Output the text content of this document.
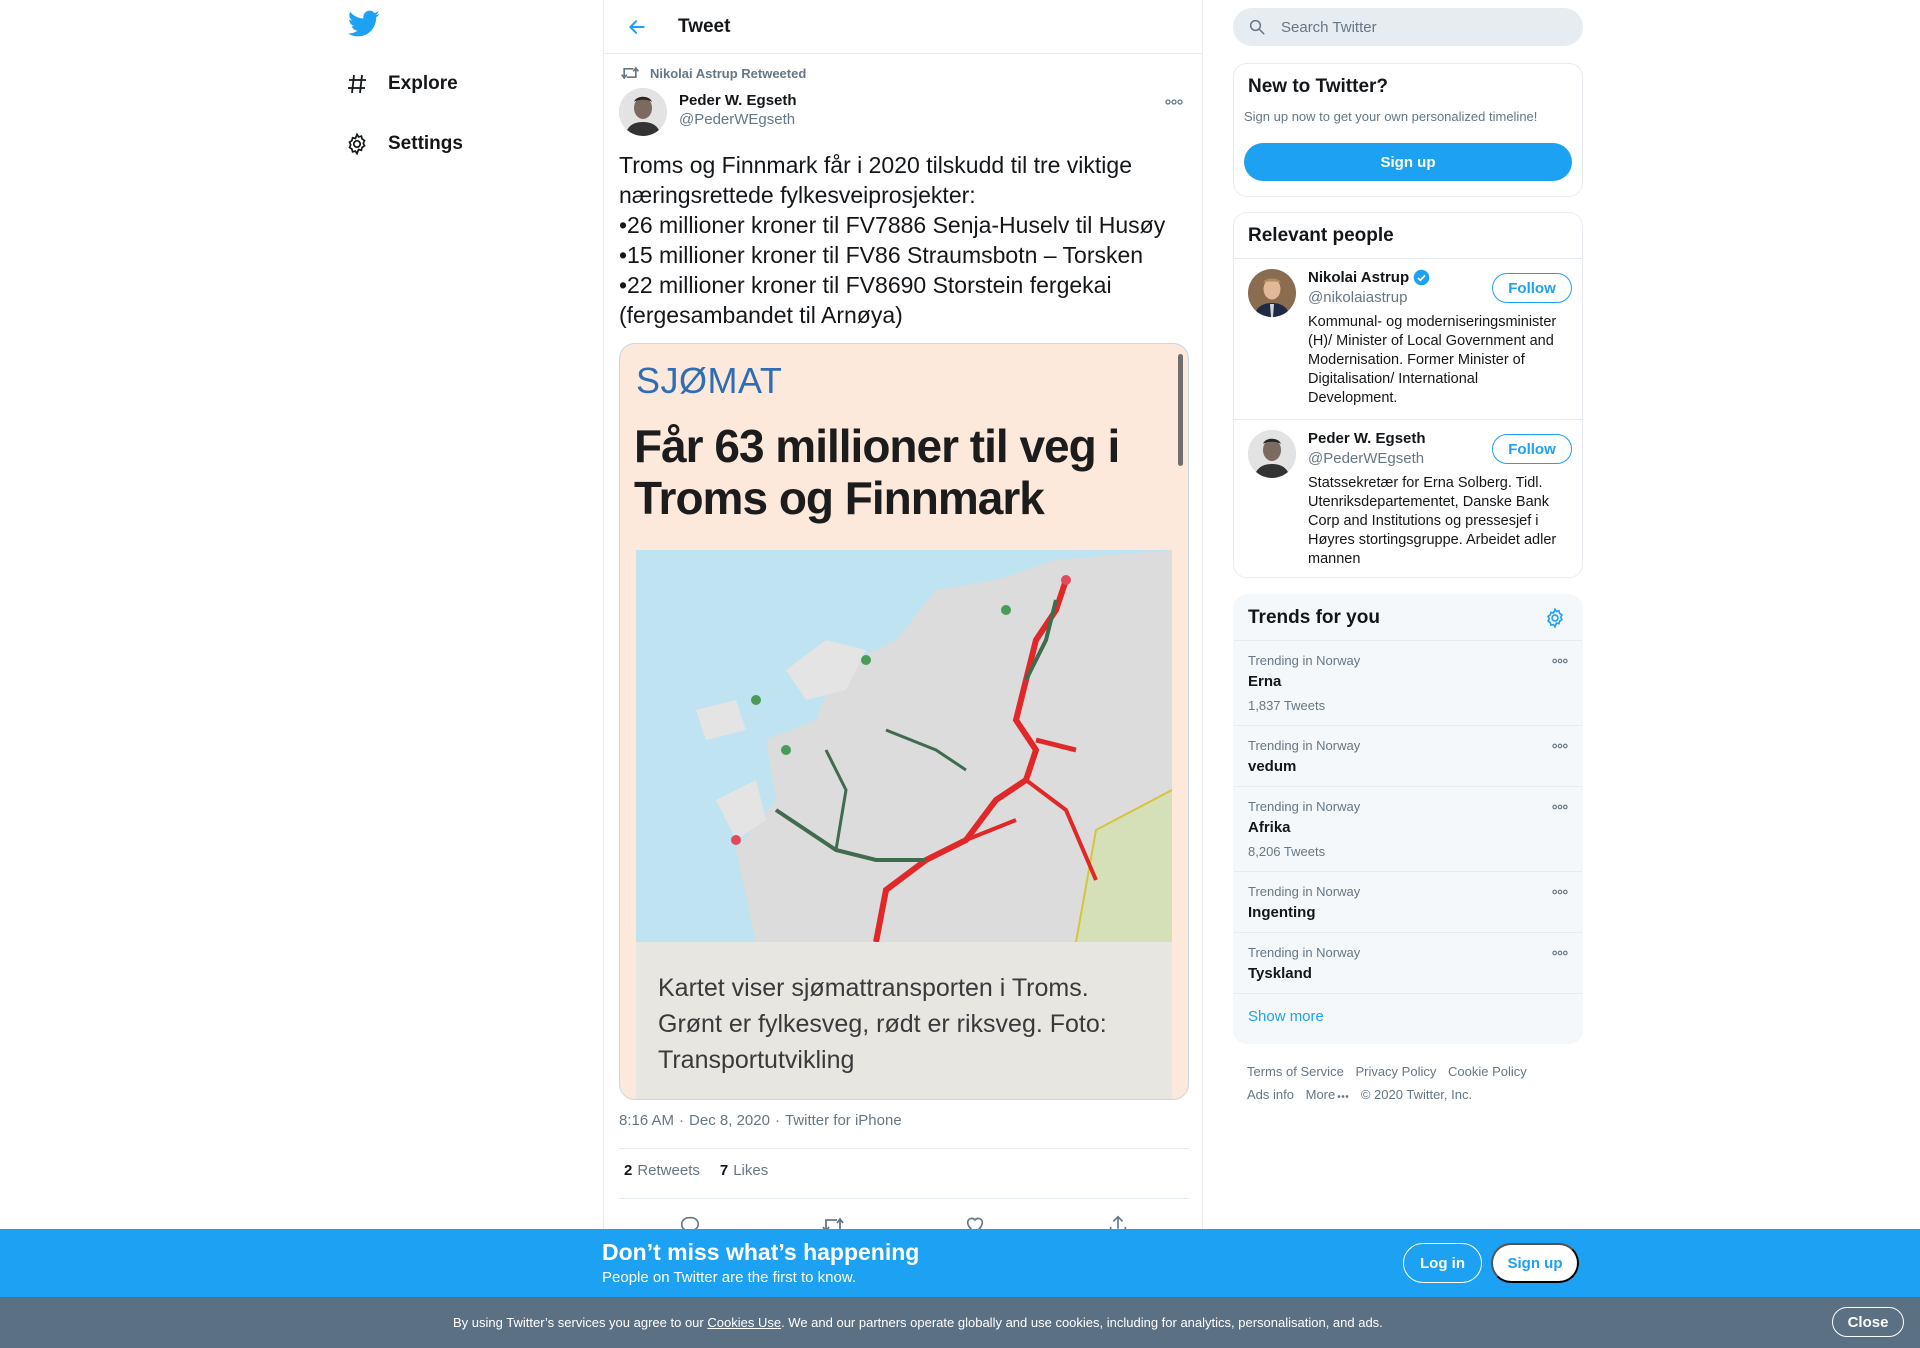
Explore
Settings
Tweet
Nikolai Astrup Retweeted
Peder W. Egseth
@PederWEgseth
Troms og Finnmark får i 2020 tilskudd til tre viktige
næringsrettede fylkesveiprosjekter:
•26 millioner kroner til FV7886 Senja-Huselv til Husøy
•15 millioner kroner til FV86 Straumsbotn – Torsken
•22 millioner kroner til FV8690 Storstein fergekai
(fergesambandet til Arnøya)
SJØMAT
Får 63 millioner til veg i
Troms og Finnmark
Kartet viser sjømattransporten i Troms.
Grønt er fylkesveg, rødt er riksveg. Foto:
Transportutvikling
8:16 AM · Dec 8, 2020 · Twitter for iPhone
2 Retweets 7 Likes
Search Twitter
New to Twitter?
Sign up now to get your own personalized timeline!
Sign up
Relevant people
Nikolai Astrup
@nikolaiastrup
Follow
Kommunal- og moderniseringsminister
(H)/ Minister of Local Government and
Modernisation. Former Minister of
Digitalisation/ International
Development.
Peder W. Egseth
@PederWEgseth
Follow
Statssekretær for Erna Solberg. Tidl.
Utenriksdepartementet, Danske Bank
Corp and Institutions og pressesjef i
Høyres stortingsgruppe. Arbeidet adler
mannen
Trends for you
Trending in Norway
Erna
1,837 Tweets
Trending in Norway
vedum
Trending in Norway
Afrika
8,206 Tweets
Trending in Norway
Ingenting
Trending in Norway
Tyskland
Show more
Terms of Service Privacy Policy Cookie Policy
Ads info More © 2020 Twitter, Inc.
Don’t miss what’s happening
People on Twitter are the first to know.
Log in	Sign up
By using Twitter’s services you agree to our Cookies Use. We and our partners operate globally and use cookies, including for analytics, personalisation, and ads.	Close
